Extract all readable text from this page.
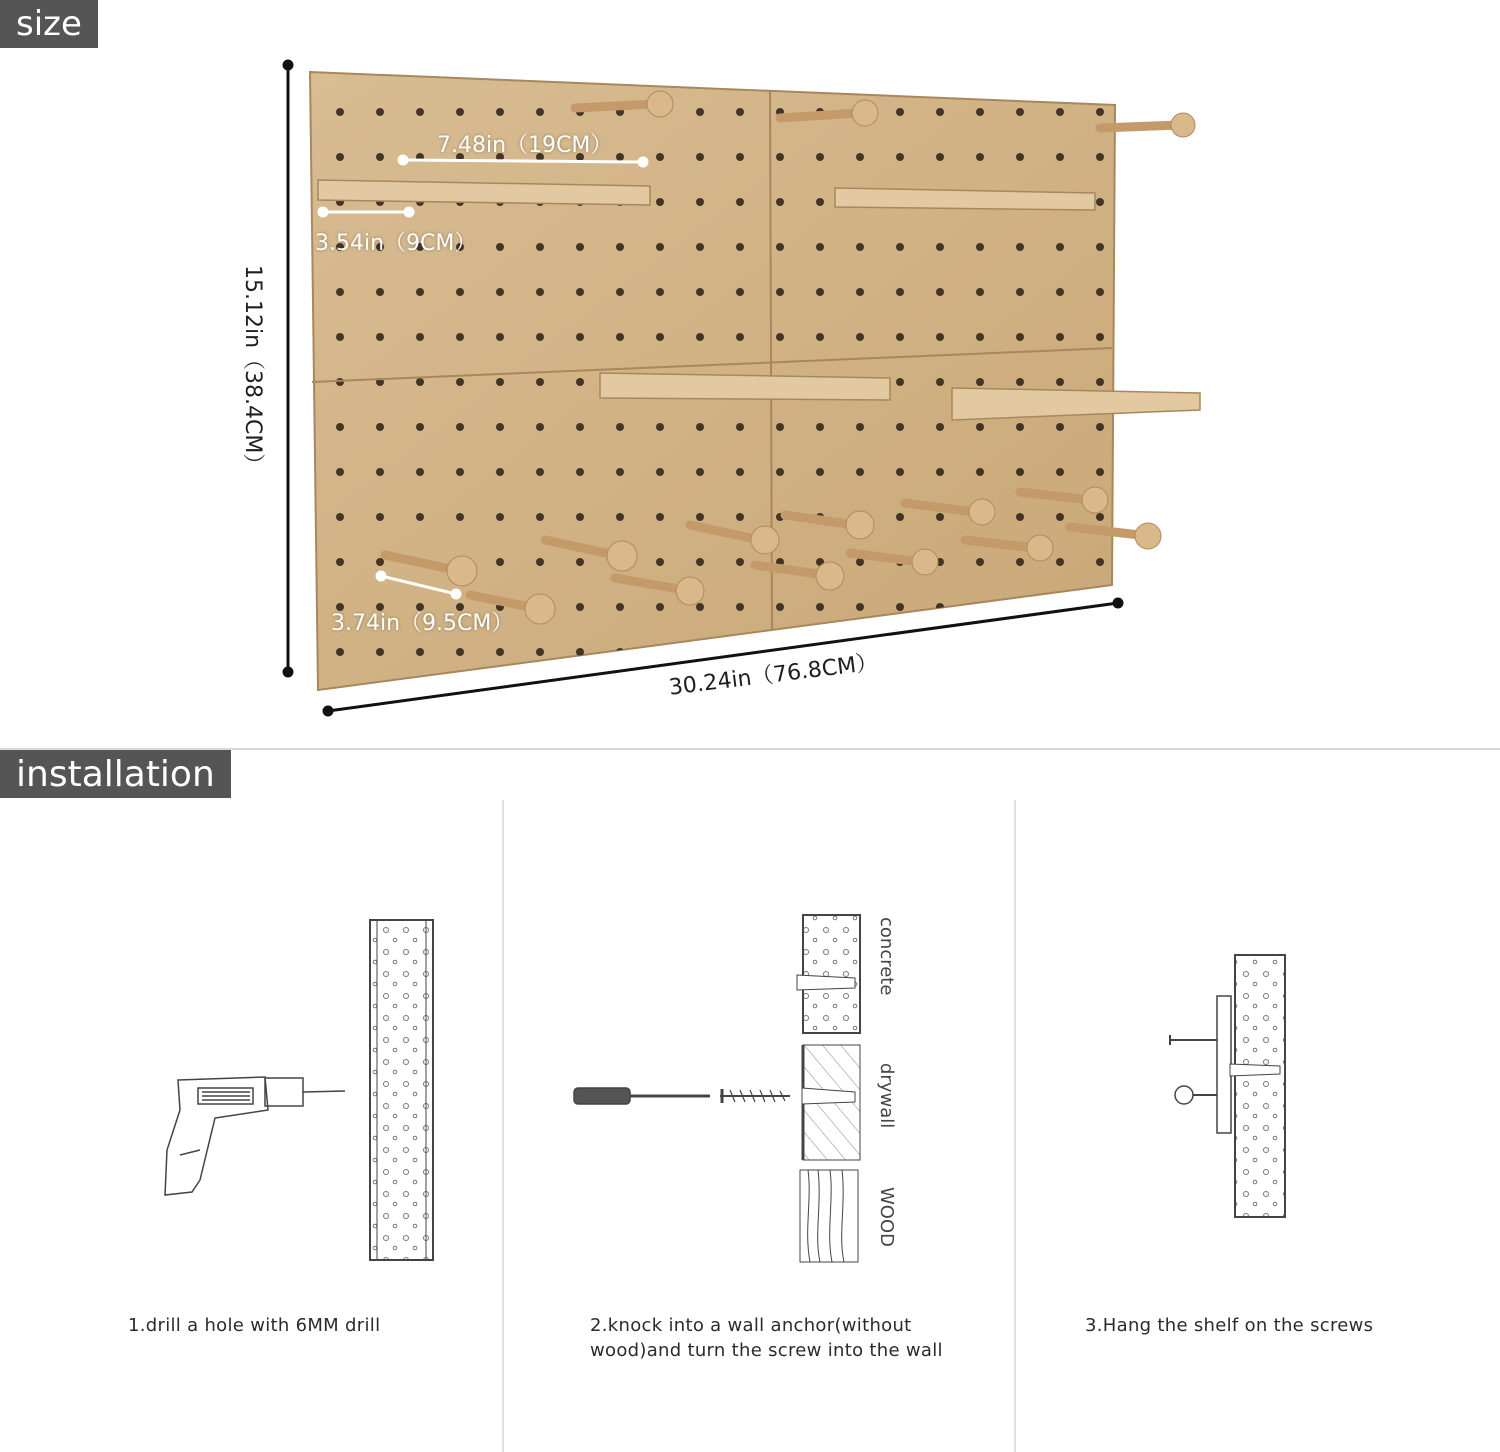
size
installation
15.12in（38.4CM）
30.24in（76.8CM）
7.48in（19CM）
3.54in（9CM）
3.74in（9.5CM）
concrete
drywall
WOOD
1.drill a hole with 6MM drill	2.knock into a wall anchor(without
wood)and turn the screw into the wall
3.Hang the shelf on the screws
